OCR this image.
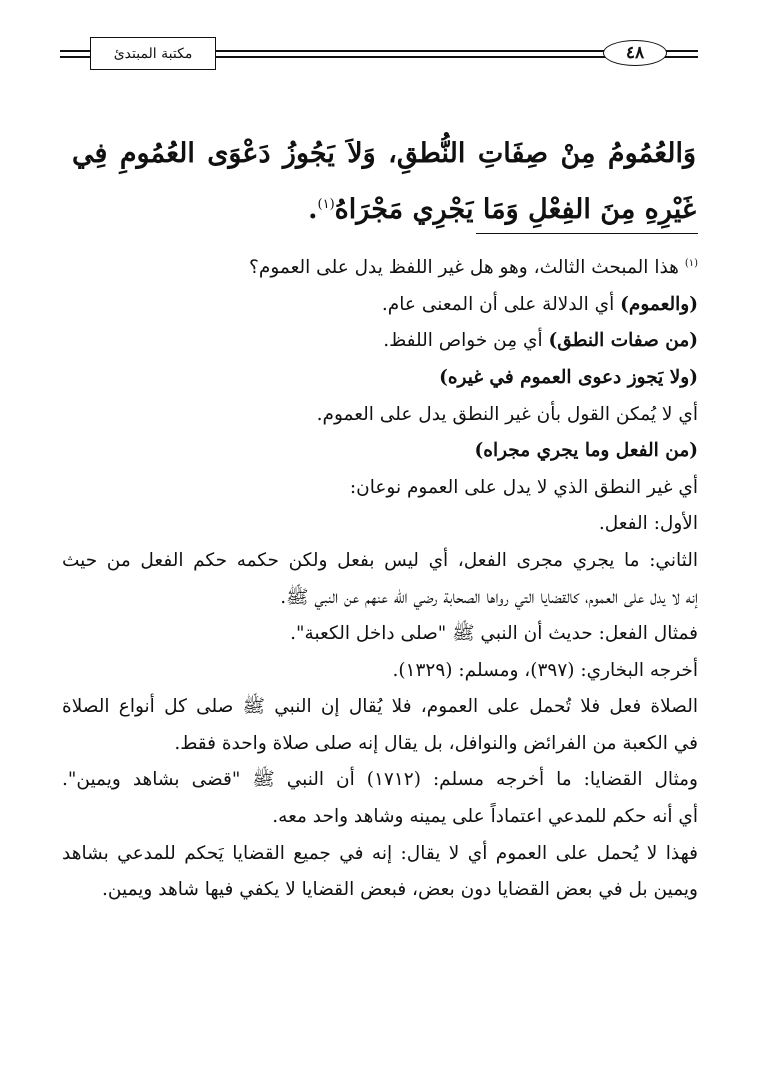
مكتبة المبتدئ	٤٨
وَالعُمُومُ مِنْ صِفَاتِ النُّطقِ، وَلاَ يَجُوزُ دَعْوَى العُمُومِ فِي غَيْرِهِ مِنَ الفِعْلِ وَمَا يَجْرِي مَجْرَاهُ$^{(١)}$.
$^{(١)}$ هذا المبحث الثالث، وهو هل غير اللفظ يدل على العموم؟
(والعموم) أي الدلالة على أن المعنى عام.
(من صفات النطق) أي مِن خواص اللفظ.
(ولا يَجوز دعوى العموم في غيره)
أي لا يُمكن القول بأن غير النطق يدل على العموم.
(من الفعل وما يجري مجراه)
أي غير النطق الذي لا يدل على العموم نوعان:
الأول: الفعل.
الثاني: ما يجري مجرى الفعل، أي ليس بفعل ولكن حكمه حكم الفعل من حيث
إنه لا يدل على العموم، كالقضايا التي رواها الصحابة رضي الله عنهم عن النبي ﷺ.
فمثال الفعل: حديث أن النبي ﷺ "صلى داخل الكعبة".
أخرجه البخاري: (٣٩٧)، ومسلم: (١٣٢٩).
الصلاة فعل فلا تُحمل على العموم، فلا يُقال إن النبي ﷺ صلى كل أنواع الصلاة
في الكعبة من الفرائض والنوافل، بل يقال إنه صلى صلاة واحدة فقط.
ومثال القضايا: ما أخرجه مسلم: (١٧١٢) أن النبي ﷺ "قضى بشاهد ويمين".
أي أنه حكم للمدعي اعتماداً على يمينه وشاهد واحد معه.
فهذا لا يُحمل على العموم أي لا يقال: إنه في جميع القضايا يَحكم للمدعي بشاهد
ويمين بل في بعض القضايا دون بعض، فبعض القضايا لا يكفي فيها شاهد ويمين.
